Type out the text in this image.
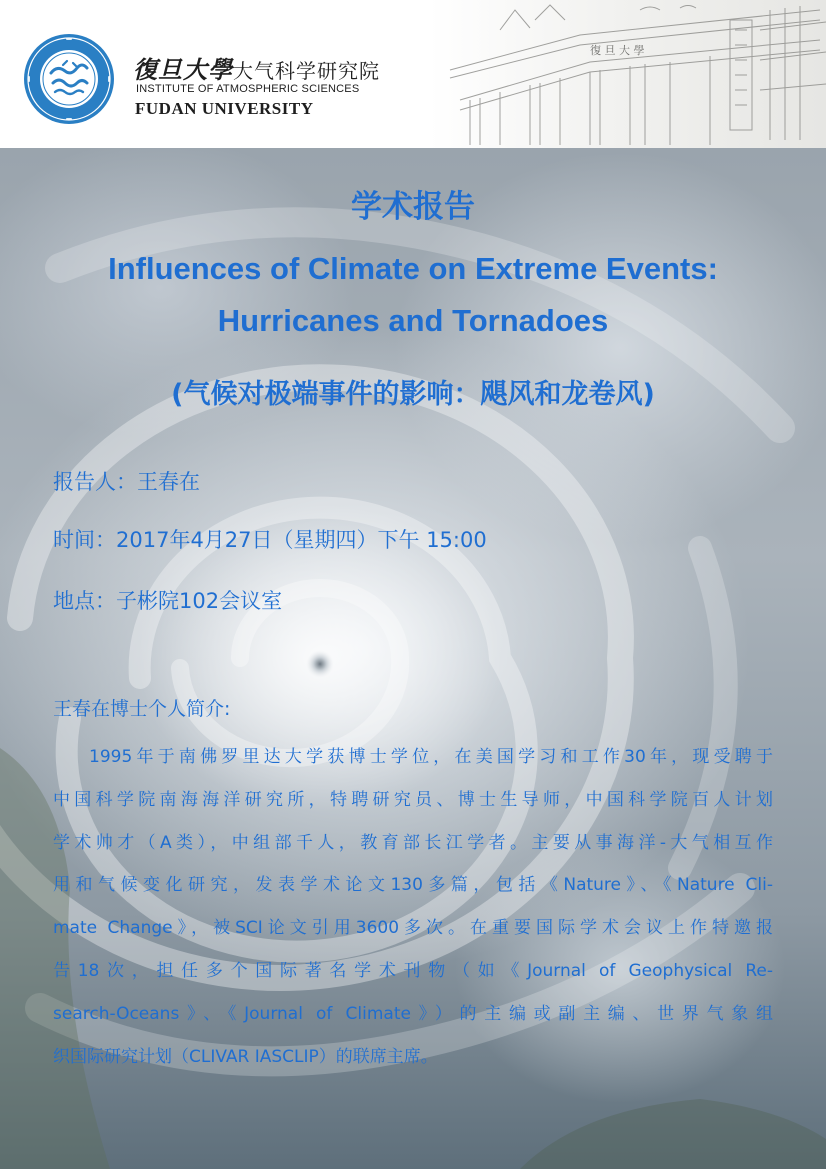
復旦大學大气科学研究院
INSTITUTE OF ATMOSPHERIC SCIENCES
FUDAN UNIVERSITY
復 旦 大 學
学术报告
Influences of Climate on Extreme Events:
Hurricanes and Tornadoes
(气候对极端事件的影响：飓风和龙卷风)
报告人：王春在
时间：2017年4月27日（星期四）下午 15:00
地点：子彬院102会议室
王春在博士个人简介:
1995年于南佛罗里达大学获博士学位，在美国学习和工作30年，现受聘于
中国科学院南海海洋研究所，特聘研究员、博士生导师，中国科学院百人计划
学术帅才（A类），中组部千人，教育部长江学者。主要从事海洋-大气相互作
用和气候变化研究，发表学术论文130多篇，包括《Nature》、《Nature Cli-
mate Change》，被SCI论文引用3600多次。在重要国际学术会议上作特邀报
告18次，担任多个国际著名学术刊物（如《Journal of Geophysical Re-
search-Oceans》、《Journal of Climate》）的主编或副主编、世界气象组
织国际研究计划（CLIVAR IASCLIP）的联席主席。
